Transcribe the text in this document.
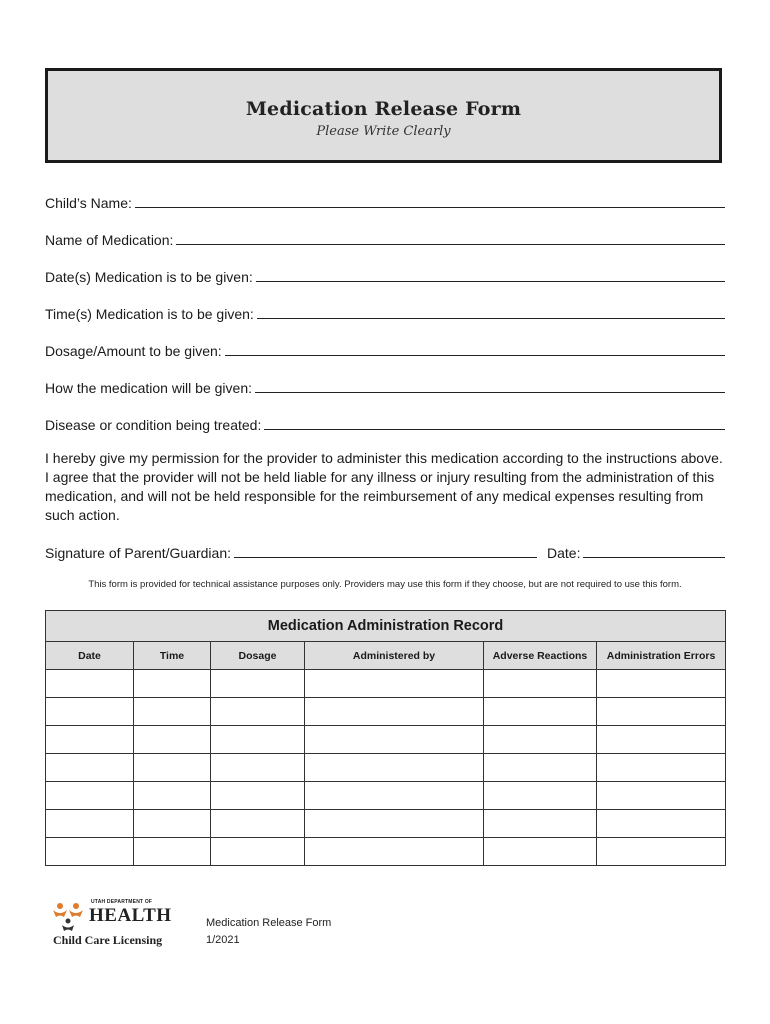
Medication Release Form
Please Write Clearly
Child’s Name:
Name of Medication:
Date(s) Medication is to be given:
Time(s) Medication is to be given:
Dosage/Amount to be given:
How the medication will be given:
Disease or condition being treated:
I hereby give my permission for the provider to administer this medication according to the instructions above. I agree that the provider will not be held liable for any illness or injury resulting from the administration of this medication, and will not be held responsible for the reimbursement of any medical expenses resulting from such action.
Signature of Parent/Guardian:	Date:
This form is provided for technical assistance purposes only. Providers may use this form if they choose, but are not required to use this form.
Medication Administration Record					
Date	Time	Dosage	Administered by	Adverse Reactions	Administration Errors

UTAH DEPARTMENT OF
HEALTH
Child Care Licensing
Medication Release Form
1/2021
